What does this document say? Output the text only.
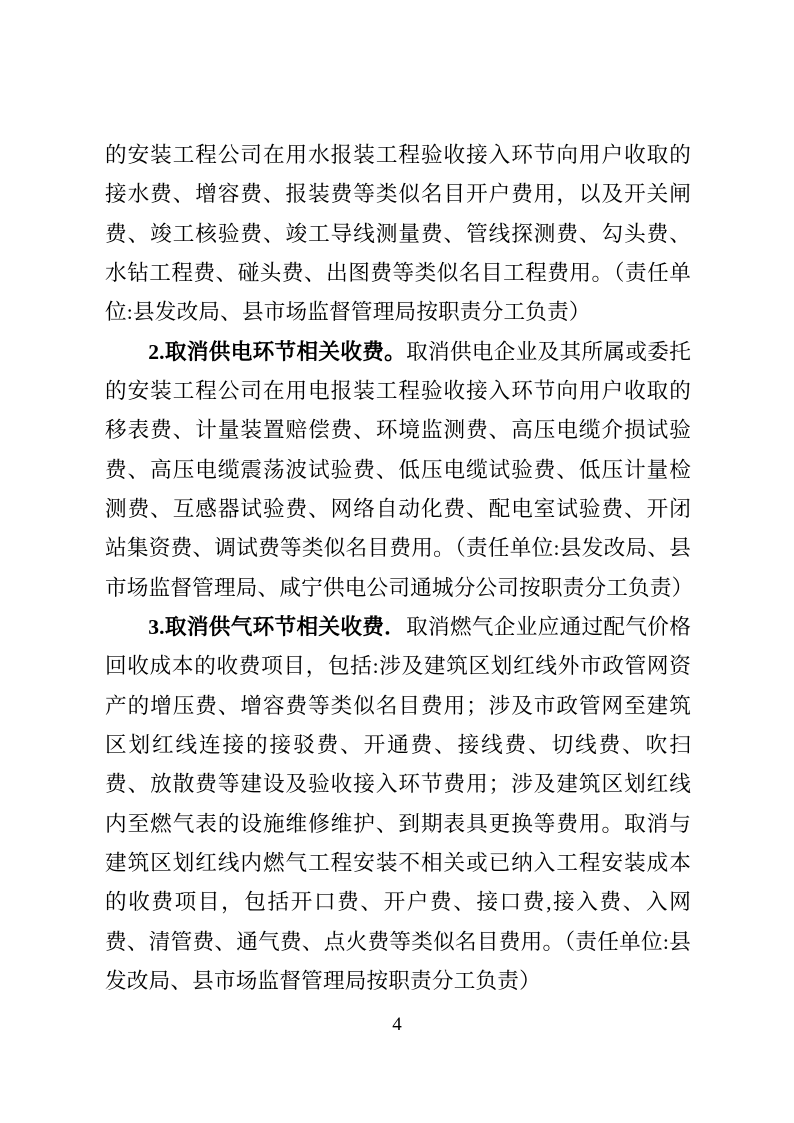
的安装工程公司在用水报装工程验收接入环节向用户收取的接水费、增容费、报装费等类似名目开户费用，以及开关闸费、竣工核验费、竣工导线测量费、管线探测费、勾头费、水钻工程费、碰头费、出图费等类似名目工程费用。（责任单位:县发改局、县市场监督管理局按职责分工负责）

2.取消供电环节相关收费。取消供电企业及其所属或委托的安装工程公司在用电报装工程验收接入环节向用户收取的移表费、计量装置赔偿费、环境监测费、高压电缆介损试验费、高压电缆震荡波试验费、低压电缆试验费、低压计量检测费、互感器试验费、网络自动化费、配电室试验费、开闭站集资费、调试费等类似名目费用。（责任单位:县发改局、县市场监督管理局、咸宁供电公司通城分公司按职责分工负责）

3.取消供气环节相关收费．取消燃气企业应通过配气价格回收成本的收费项目，包括:涉及建筑区划红线外市政管网资产的增压费、增容费等类似名目费用；涉及市政管网至建筑区划红线连接的接驳费、开通费、接线费、切线费、吹扫费、放散费等建设及验收接入环节费用；涉及建筑区划红线内至燃气表的设施维修维护、到期表具更换等费用。取消与建筑区划红线内燃气工程安装不相关或已纳入工程安装成本的收费项目，包括开口费、开户费、接口费,接入费、入网费、清管费、通气费、点火费等类似名目费用。（责任单位:县发改局、县市场监督管理局按职责分工负责）

4
